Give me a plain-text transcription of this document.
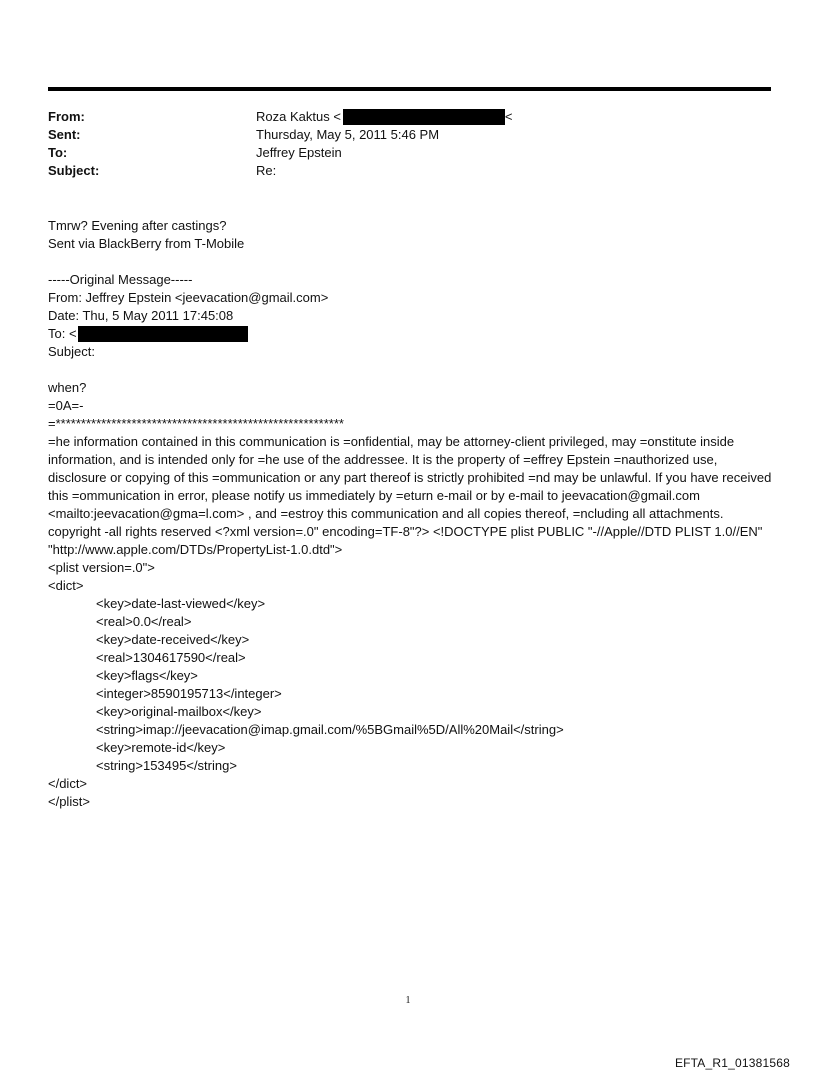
From:	Roza Kaktus <	<
Sent:	Thursday, May 5, 2011 5:46 PM
To:	Jeffrey Epstein
Subject:	Re:
Tmrw? Evening after castings?
Sent via BlackBerry from T-Mobile
-----Original Message-----
From: Jeffrey Epstein <jeevacation@gmail.com>
Date: Thu, 5 May 2011 17:45:08
To: <
Subject:
when?
=0A=-
=*********************************************************
=he information contained in this communication is =onfidential, may be attorney-client privileged, may =onstitute inside information, and is intended only for =he use of the addressee. It is the property of =effrey Epstein =nauthorized use, disclosure or copying of this =ommunication or any part thereof is strictly prohibited =nd may be unlawful. If you have received this =ommunication in error, please notify us immediately by =eturn e-mail or by e-mail to jeevacation@gmail.com <mailto:jeevacation@gma=l.com> , and =estroy this communication and all copies thereof, =ncluding all attachments. copyright -all rights reserved <?xml version=.0" encoding=TF-8"?> <!DOCTYPE plist PUBLIC "-//Apple//DTD PLIST 1.0//EN" "http://www.apple.com/DTDs/PropertyList-1.0.dtd">
<plist version=.0">
<dict>
<key>date-last-viewed</key>
<real>0.0</real>
<key>date-received</key>
<real>1304617590</real>
<key>flags</key>
<integer>8590195713</integer>
<key>original-mailbox</key>
<string>imap://jeevacation@imap.gmail.com/%5BGmail%5D/All%20Mail</string>
<key>remote-id</key>
<string>153495</string>
</dict>
</plist>
1
EFTA_R1_01381568
